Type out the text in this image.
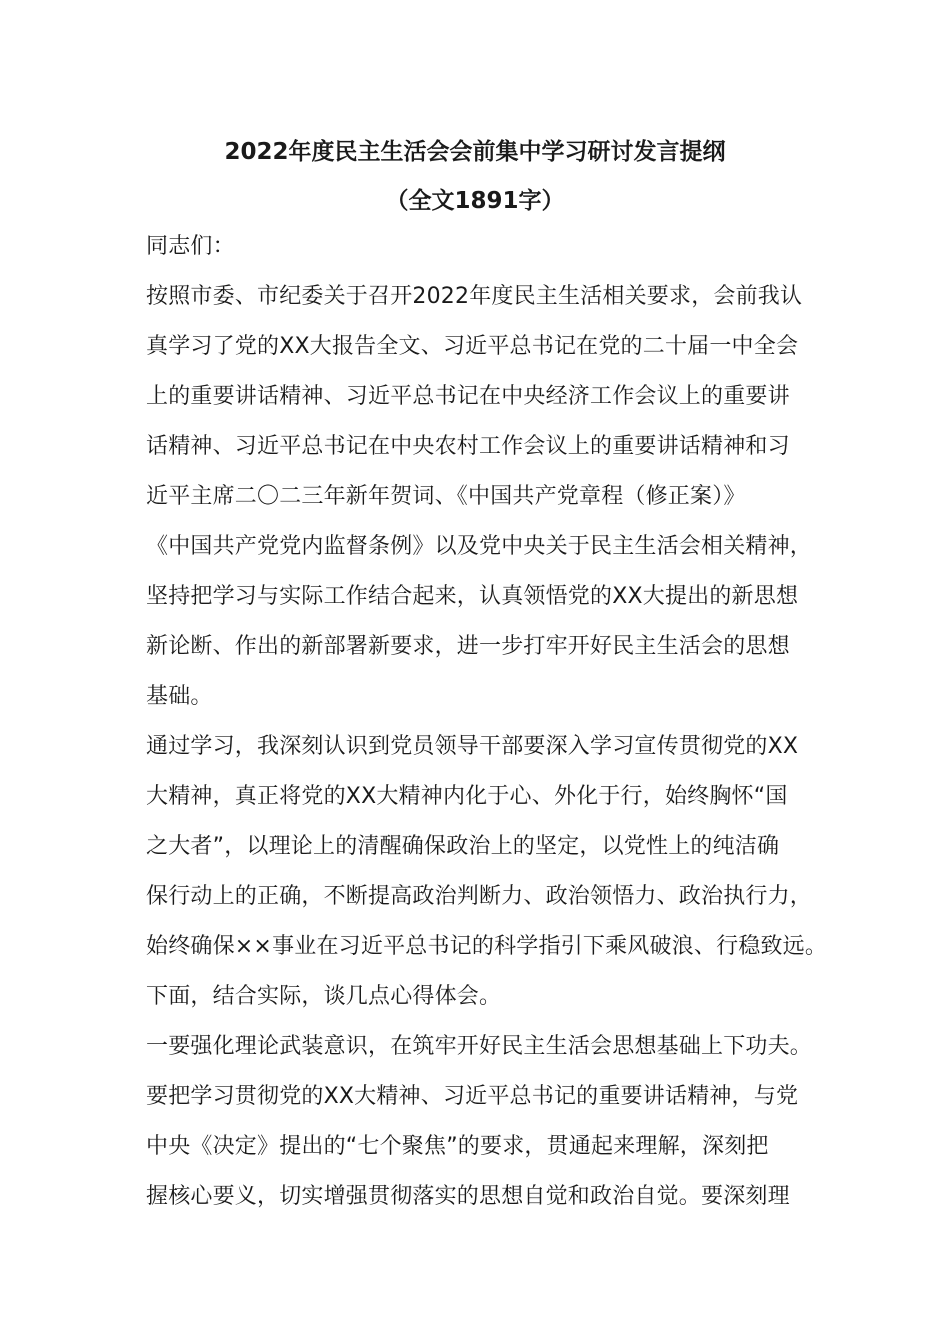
2022年度民主生活会会前集中学习研讨发言提纲
（全文1891字）
同志们：
按照市委、市纪委关于召开2022年度民主生活相关要求，会前我认
真学习了党的XX大报告全文、习近平总书记在党的二十届一中全会
上的重要讲话精神、习近平总书记在中央经济工作会议上的重要讲
话精神、习近平总书记在中央农村工作会议上的重要讲话精神和习
近平主席二〇二三年新年贺词、《中国共产党章程（修正案）》
《中国共产党党内监督条例》以及党中央关于民主生活会相关精神，
坚持把学习与实际工作结合起来，认真领悟党的XX大提出的新思想
新论断、作出的新部署新要求，进一步打牢开好民主生活会的思想
基础。
通过学习，我深刻认识到党员领导干部要深入学习宣传贯彻党的XX
大精神，真正将党的XX大精神内化于心、外化于行，始终胸怀“国
之大者”，以理论上的清醒确保政治上的坚定，以党性上的纯洁确
保行动上的正确，不断提高政治判断力、政治领悟力、政治执行力，
始终确保××事业在习近平总书记的科学指引下乘风破浪、行稳致远。
下面，结合实际，谈几点心得体会。
一要强化理论武装意识，在筑牢开好民主生活会思想基础上下功夫。
要把学习贯彻党的XX大精神、习近平总书记的重要讲话精神，与党
中央《决定》提出的“七个聚焦”的要求，贯通起来理解，深刻把
握核心要义，切实增强贯彻落实的思想自觉和政治自觉。要深刻理
